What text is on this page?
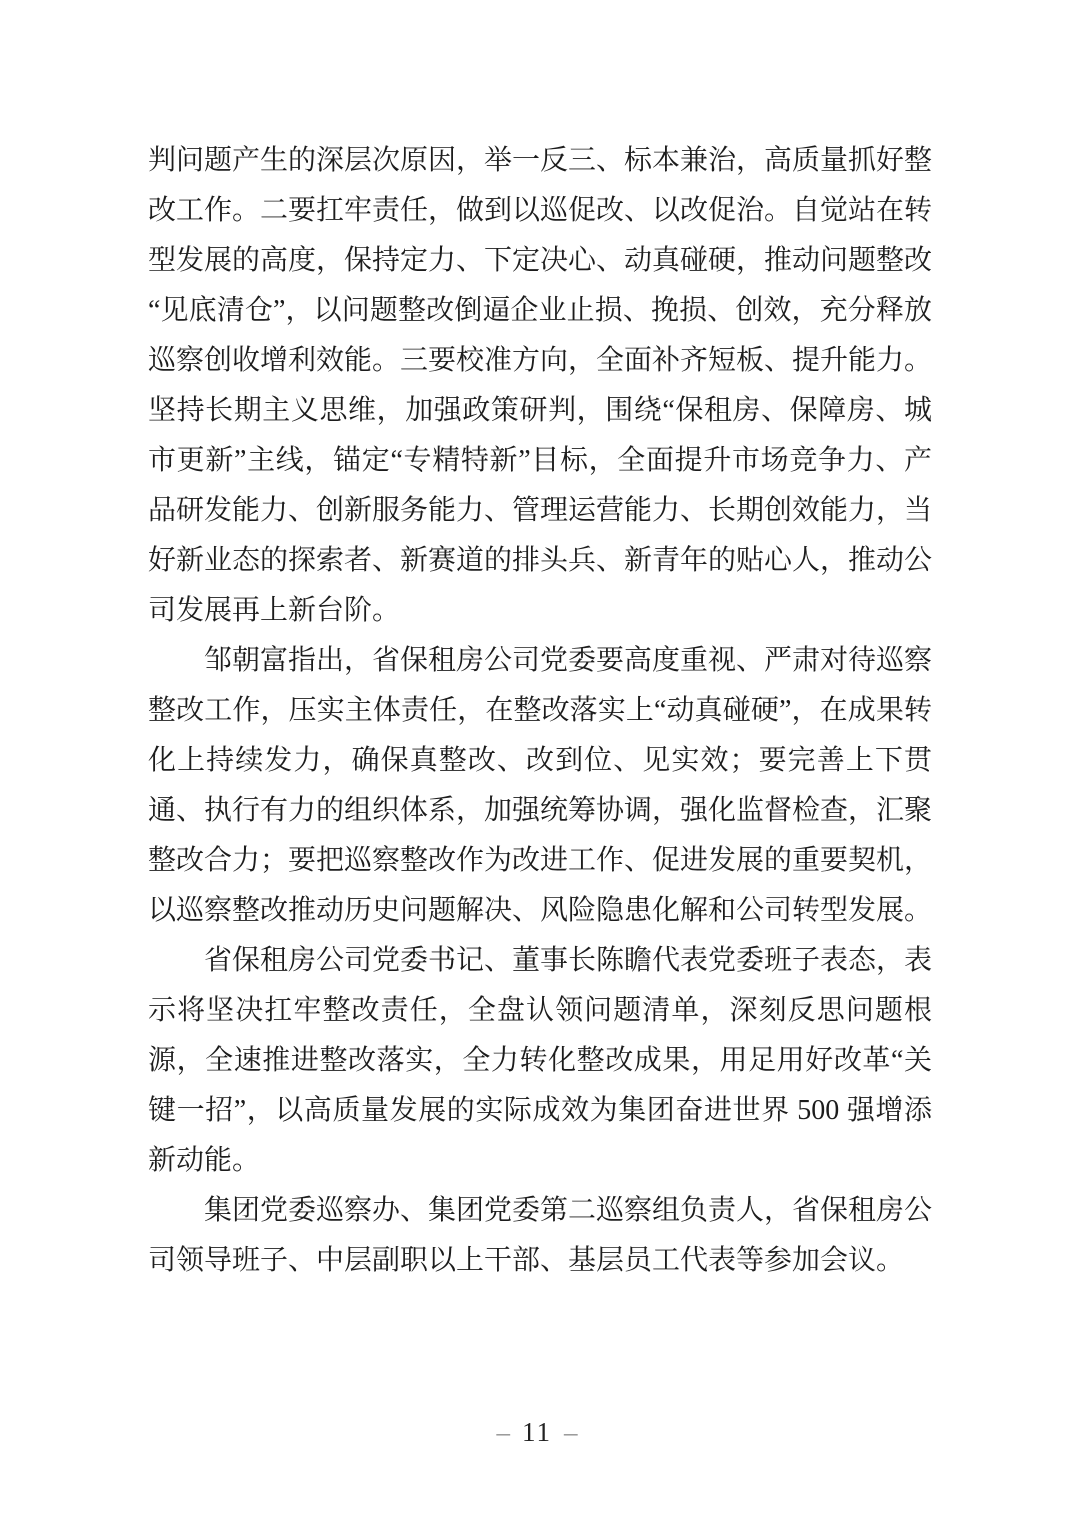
判问题产生的深层次原因，举一反三、标本兼治，高质量抓好整改工作。二要扛牢责任，做到以巡促改、以改促治。自觉站在转型发展的高度，保持定力、下定决心、动真碰硬，推动问题整改“见底清仓”，以问题整改倒逼企业止损、挽损、创效，充分释放巡察创收增利效能。三要校准方向，全面补齐短板、提升能力。坚持长期主义思维，加强政策研判，围绕“保租房、保障房、城市更新”主线，锚定“专精特新”目标，全面提升市场竞争力、产品研发能力、创新服务能力、管理运营能力、长期创效能力，当好新业态的探索者、新赛道的排头兵、新青年的贴心人，推动公司发展再上新台阶。

邹朝富指出，省保租房公司党委要高度重视、严肃对待巡察整改工作，压实主体责任，在整改落实上“动真碰硬”，在成果转化上持续发力，确保真整改、改到位、见实效；要完善上下贯通、执行有力的组织体系，加强统筹协调，强化监督检查，汇聚整改合力；要把巡察整改作为改进工作、促进发展的重要契机，以巡察整改推动历史问题解决、风险隐患化解和公司转型发展。

省保租房公司党委书记、董事长陈瞻代表党委班子表态，表示将坚决扛牢整改责任，全盘认领问题清单，深刻反思问题根源，全速推进整改落实，全力转化整改成果，用足用好改革“关键一招”，以高质量发展的实际成效为集团奋进世界 500 强增添新动能。

集团党委巡察办、集团党委第二巡察组负责人，省保租房公司领导班子、中层副职以上干部、基层员工代表等参加会议。

– 11 –
